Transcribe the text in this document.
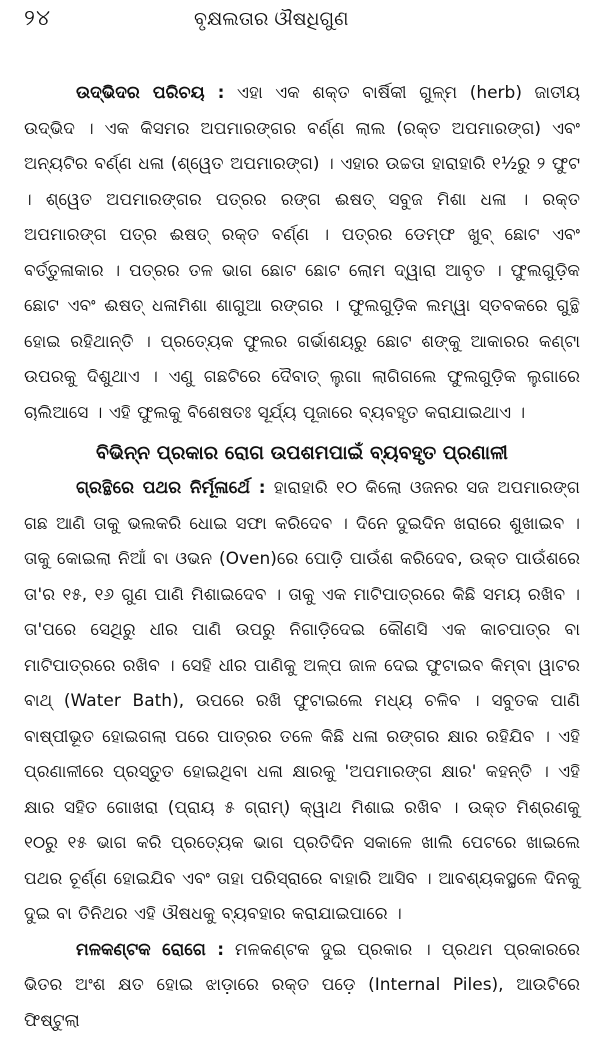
୨୪	ବୃକ୍ଷଲତାର ଔଷଧିଗୁଣ

ଉଦ୍ଭିଦର ପରିଚୟ : ଏହା ଏକ ଶକ୍ତ ବାର୍ଷିକୀ ଗୁଳ୍ମ (herb) ଜାତୀୟ ଉଦ୍ଭିଦ । ଏକ କିସମର ଅପମାରଙ୍ଗର ବର୍ଣ୍ଣ ଲାଲ (ରକ୍ତ ଅପମାରଙ୍ଗ) ଏବଂ ଅନ୍ୟଟିର ବର୍ଣ୍ଣ ଧଳା (ଶ୍ୱେତ ଅପମାରଙ୍ଗ) । ଏହାର ଉଚ୍ଚତା ହାରାହାରି ୧½ରୁ ୨ ଫୁଟ । ଶ୍ୱେତ ଅପମାରଙ୍ଗର ପତ୍ରର ରଙ୍ଗ ଈଷତ୍ ସବୁଜ ମିଶା ଧଳା । ରକ୍ତ ଅପମାରଙ୍ଗ ପତ୍ର ଈଷତ୍ ରକ୍ତ ବର୍ଣ୍ଣ । ପତ୍ରର ଡେମ୍ଫ ଖୁବ୍ ଛୋଟ ଏବଂ ବର୍ତ୍ତୁଳାକାର । ପତ୍ରର ତଳ ଭାଗ ଛୋଟ ଛୋଟ ଲୋମ ଦ୍ୱାରା ଆବୃତ । ଫୁଲଗୁଡ଼ିକ ଛୋଟ ଏବଂ ଈଷତ୍ ଧଳାମିଶା ଶାଗୁଆ ରଙ୍ଗର । ଫୁଲଗୁଡ଼ିକ ଲମ୍ୱା ସ୍ତବକରେ ଗୁନ୍ଥି ହୋଇ ରହିଥାନ୍ତି । ପ୍ରତ୍ୟେକ ଫୁଲର ଗର୍ଭାଶୟରୁ ଛୋଟ ଶଙ୍କୁ ଆକାରର କଣ୍ଟା ଉପରକୁ ଦିଶୁଥାଏ । ଏଣୁ ଗଛଟିରେ ଦୈବାତ୍ ଲୁଗା ଲାଗିଗଲେ ଫୁଲଗୁଡ଼ିକ ଲୁଗାରେ ଚାଲିଆସେ । ଏହି ଫୁଲକୁ ବିଶେଷତଃ ସୂର୍ଯ୍ୟ ପୂଜାରେ ବ୍ୟବହୃତ କରାଯାଇଥାଏ ।

ବିଭିନ୍ନ ପ୍ରକାର ରୋଗ ଉପଶମପାଇଁ ବ୍ୟବହୃତ ପ୍ରଣାଳୀ

ଗ୍ରନ୍ଥିରେ ପଥର ନିର୍ମୂଳାର୍ଥେ : ହାରାହାରି ୧୦ କିଲୋ ଓଜନର ସଜ ଅପମାରଙ୍ଗ ଗଛ ଆଣି ତାକୁ ଭଲକରି ଧୋଇ ସଫା କରିଦେବ । ଦିନେ ଦୁଇଦିନ ଖରାରେ ଶୁଖାଇବ । ତାକୁ କୋଇଲା ନିଆଁ ବା ଓଭନ (Oven)ରେ ପୋଡ଼ି ପାଉଁଶ କରିଦେବ, ଉକ୍ତ ପାଉଁଶରେ ତା'ର ୧୫, ୧୬ ଗୁଣ ପାଣି ମିଶାଇଦେବ । ତାକୁ ଏକ ମାଟିପାତ୍ରରେ କିଛି ସମୟ ରଖିବ । ତା'ପରେ ସେଥିରୁ ଧୀର ପାଣି ଉପରୁ ନିଗାଡ଼ିଦେଇ କୌଣସି ଏକ କାଚପାତ୍ର ବା ମାଟିପାତ୍ରରେ ରଖିବ । ସେହି ଧୀର ପାଣିକୁ ଅଳ୍ପ ଜାଳ ଦେଇ ଫୁଟାଇବ କିମ୍ବା ୱାଟର ବାଥ୍ (Water Bath), ଉପରେ ରଖି ଫୁଟାଇଲେ ମଧ୍ୟ ଚଳିବ । ସବୁତକ ପାଣି ବାଷ୍ପୀଭୂତ ହୋଇଗଲା ପରେ ପାତ୍ରର ତଳେ କିଛି ଧଳା ରଙ୍ଗର କ୍ଷାର ରହିଯିବ । ଏହି ପ୍ରଣାଳୀରେ ପ୍ରସ୍ତୁତ ହୋଇଥିବା ଧଳା କ୍ଷାରକୁ 'ଅପମାରଙ୍ଗ କ୍ଷାର' କହନ୍ତି । ଏହି କ୍ଷାର ସହିତ ଗୋଖରା (ପ୍ରାୟ ୫ ଗ୍ରାମ୍) କ୍ୱାଥ ମିଶାଇ ରଖିବ । ଉକ୍ତ ମିଶ୍ରଣକୁ ୧୦ରୁ ୧୫ ଭାଗ କରି ପ୍ରତ୍ୟେକ ଭାଗ ପ୍ରତିଦିନ ସକାଳେ ଖାଲି ପେଟରେ ଖାଇଲେ ପଥର ଚୂର୍ଣ୍ଣ ହୋଇଯିବ ଏବଂ ତାହା ପରିସ୍ରାରେ ବାହାରି ଆସିବ । ଆବଶ୍ୟକସ୍ଥଳେ ଦିନକୁ ଦୁଇ ବା ତିନିଥର ଏହି ଔଷଧକୁ ବ୍ୟବହାର କରାଯାଇପାରେ ।

ମଳକଣ୍ଟକ ରୋଗେ : ମଳକଣ୍ଟକ ଦୁଇ ପ୍ରକାର । ପ୍ରଥମ ପ୍ରକାରରେ ଭିତର ଅଂଶ କ୍ଷତ ହୋଇ ଝାଡ଼ାରେ ରକ୍ତ ପଡ଼େ (Internal Piles), ଆଉଟିରେ ଫିଷ୍ଟୁଲା
